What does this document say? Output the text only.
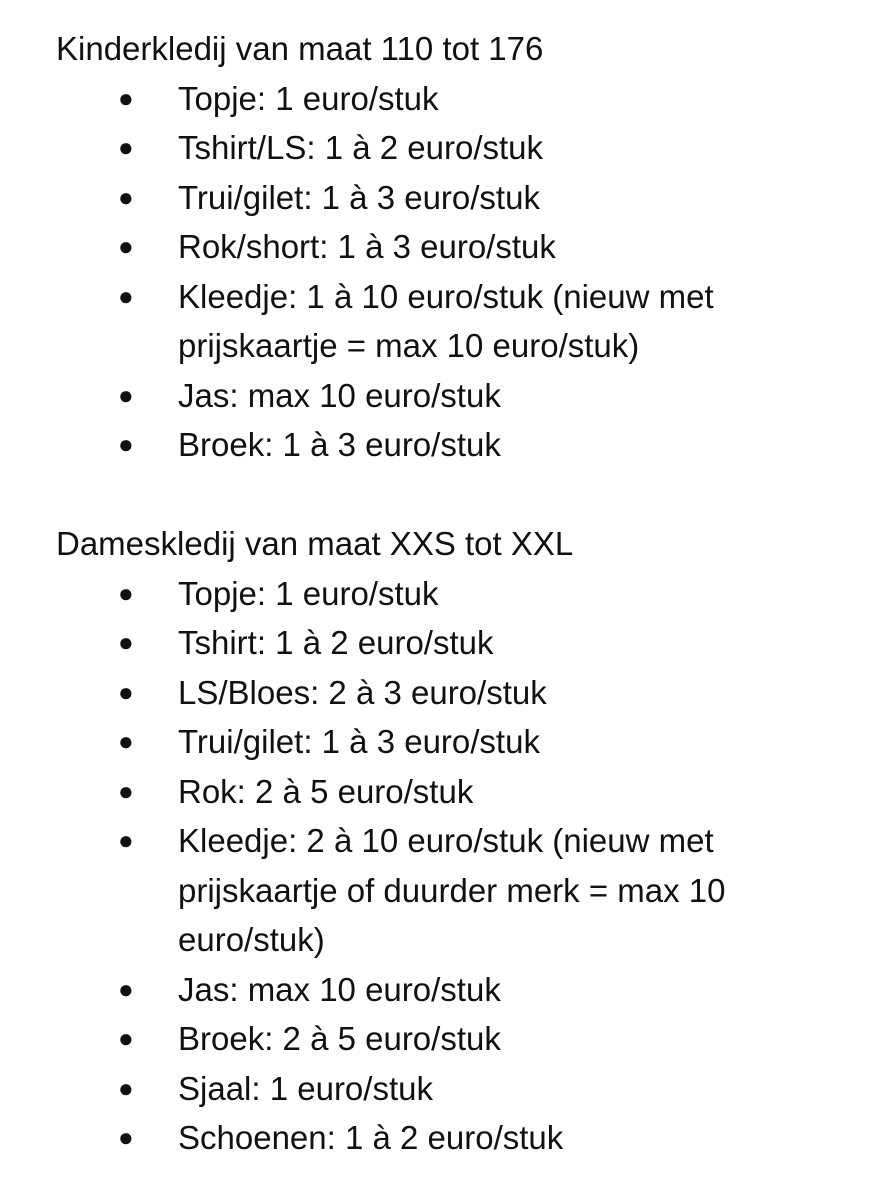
Kinderkledij van maat 110 tot 176
● Topje: 1 euro/stuk
● Tshirt/LS: 1 à 2 euro/stuk
● Trui/gilet: 1 à 3 euro/stuk
● Rok/short: 1 à 3 euro/stuk
● Kleedje: 1 à 10 euro/stuk (nieuw met prijskaartje = max 10 euro/stuk)
● Jas: max 10 euro/stuk
● Broek: 1 à 3 euro/stuk
Dameskledij van maat XXS tot XXL
● Topje: 1 euro/stuk
● Tshirt: 1 à 2 euro/stuk
● LS/Bloes: 2 à 3 euro/stuk
● Trui/gilet: 1 à 3 euro/stuk
● Rok: 2 à 5 euro/stuk
● Kleedje: 2 à 10 euro/stuk (nieuw met prijskaartje of duurder merk = max 10 euro/stuk)
● Jas: max 10 euro/stuk
● Broek: 2 à 5 euro/stuk
● Sjaal: 1 euro/stuk
● Schoenen: 1 à 2 euro/stuk
